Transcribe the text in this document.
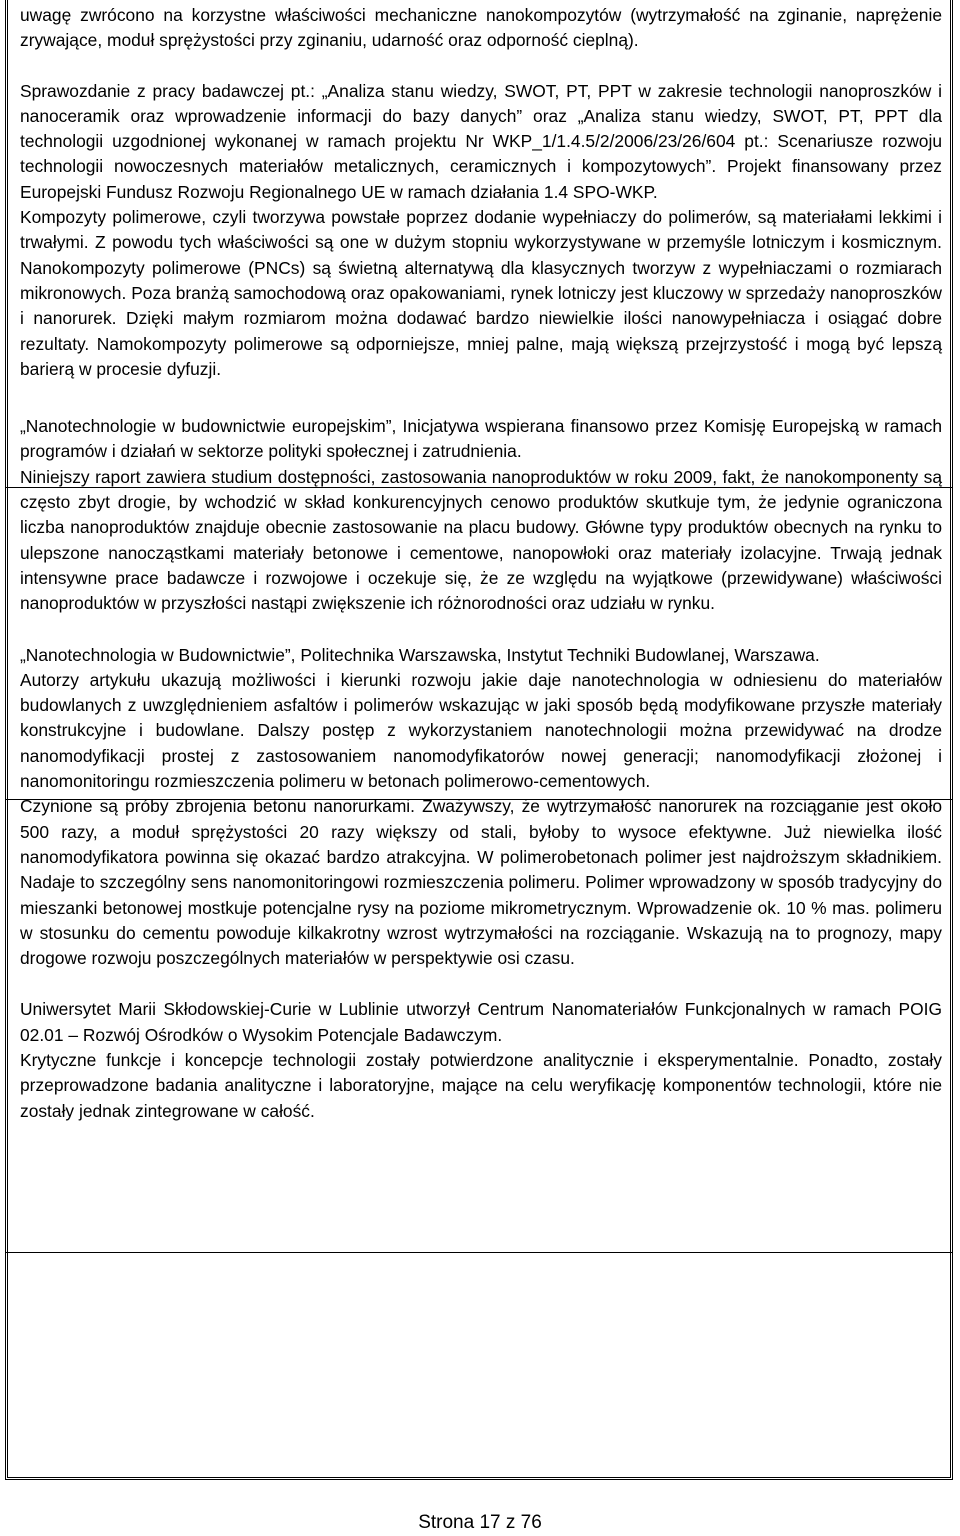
uwagę zwrócono na korzystne właściwości mechaniczne nanokompozytów (wytrzymałość na zginanie, naprężenie zrywające, moduł sprężystości przy zginaniu, udarność oraz odporność cieplną).

Sprawozdanie z pracy badawczej pt.: „Analiza stanu wiedzy, SWOT, PT, PPT w zakresie technologii nanoproszków i nanoceramik oraz wprowadzenie informacji do bazy danych” oraz „Analiza stanu wiedzy, SWOT, PT, PPT dla technologii uzgodnionej wykonanej w ramach projektu Nr WKP_1/1.4.5/2/2006/23/26/604 pt.: Scenariusze rozwoju technologii nowoczesnych materiałów metalicznych, ceramicznych i kompozytowych”. Projekt finansowany przez Europejski Fundusz Rozwoju Regionalnego UE w ramach działania 1.4 SPO-WKP.

Kompozyty polimerowe, czyli tworzywa powstałe poprzez dodanie wypełniaczy do polimerów, są materiałami lekkimi i trwałymi. Z powodu tych właściwości są one w dużym stopniu wykorzystywane w przemyśle lotniczym i kosmicznym. Nanokompozyty polimerowe (PNCs) są świetną alternatywą dla klasycznych tworzyw z wypełniaczami o rozmiarach mikronowych. Poza branżą samochodową oraz opakowaniami, rynek lotniczy jest kluczowy w sprzedaży nanoproszków i nanorurek. Dzięki małym rozmiarom można dodawać bardzo niewielkie ilości nanowypełniacza i osiągać dobre rezultaty. Namokompozyty polimerowe są odporniejsze, mniej palne, mają większą przejrzystość i mogą być lepszą barierą w procesie dyfuzji.

„Nanotechnologie w budownictwie europejskim”, Inicjatywa wspierana finansowo przez Komisję Europejską w ramach programów i działań w sektorze polityki społecznej i zatrudnienia.

Niniejszy raport zawiera studium dostępności, zastosowania nanoproduktów w roku 2009, fakt, że nanokomponenty są często zbyt drogie, by wchodzić w skład konkurencyjnych cenowo produktów skutkuje tym, że jedynie ograniczona liczba nanoproduktów znajduje obecnie zastosowanie na placu budowy. Główne typy produktów obecnych na rynku to ulepszone nanocząstkami materiały betonowe i cementowe, nanopowłoki oraz materiały izolacyjne. Trwają jednak intensywne prace badawcze i rozwojowe i oczekuje się, że ze względu na wyjątkowe (przewidywane) właściwości nanoproduktów w przyszłości nastąpi zwiększenie ich różnorodności oraz udziału w rynku.

„Nanotechnologia w Budownictwie”, Politechnika Warszawska, Instytut Techniki Budowlanej, Warszawa.

Autorzy artykułu ukazują możliwości i kierunki rozwoju jakie daje nanotechnologia w odniesienu do materiałów budowlanych z uwzględnieniem asfaltów i polimerów wskazując w jaki sposób będą modyfikowane przyszłe materiały konstrukcyjne i budowlane. Dalszy postęp z wykorzystaniem nanotechnologii można przewidywać na drodze nanomodyfikacji prostej z zastosowaniem nanomodyfikatorów nowej generacji; nanomodyfikacji złożonej i nanomonitoringu rozmieszczenia polimeru w betonach polimerowo-cementowych.

Czynione są próby zbrojenia betonu nanorurkami. Zważywszy, że wytrzymałość nanorurek na rozciąganie jest około 500 razy, a moduł sprężystości 20 razy większy od stali, byłoby to wysoce efektywne. Już niewielka ilość nanomodyfikatora powinna się okazać bardzo atrakcyjna. W polimerobetonach polimer jest najdroższym składnikiem. Nadaje to szczególny sens nanomonitoringowi rozmieszczenia polimeru. Polimer wprowadzony w sposób tradycyjny do mieszanki betonowej mostkuje potencjalne rysy na poziome mikrometrycznym. Wprowadzenie ok. 10 % mas. polimeru w stosunku do cementu powoduje kilkakrotny wzrost wytrzymałości na rozciąganie. Wskazują na to prognozy, mapy drogowe rozwoju poszczególnych materiałów w perspektywie osi czasu.

Uniwersytet Marii Skłodowskiej-Curie w Lublinie utworzył Centrum Nanomateriałów Funkcjonalnych w ramach POIG 02.01 – Rozwój Ośrodków o Wysokim Potencjale Badawczym.

Krytyczne funkcje i koncepcje technologii zostały potwierdzone analitycznie i eksperymentalnie. Ponadto, zostały przeprowadzone badania analityczne i laboratoryjne, mające na celu weryfikację komponentów technologii, które nie zostały jednak zintegrowane w całość.

Strona 17 z 76
